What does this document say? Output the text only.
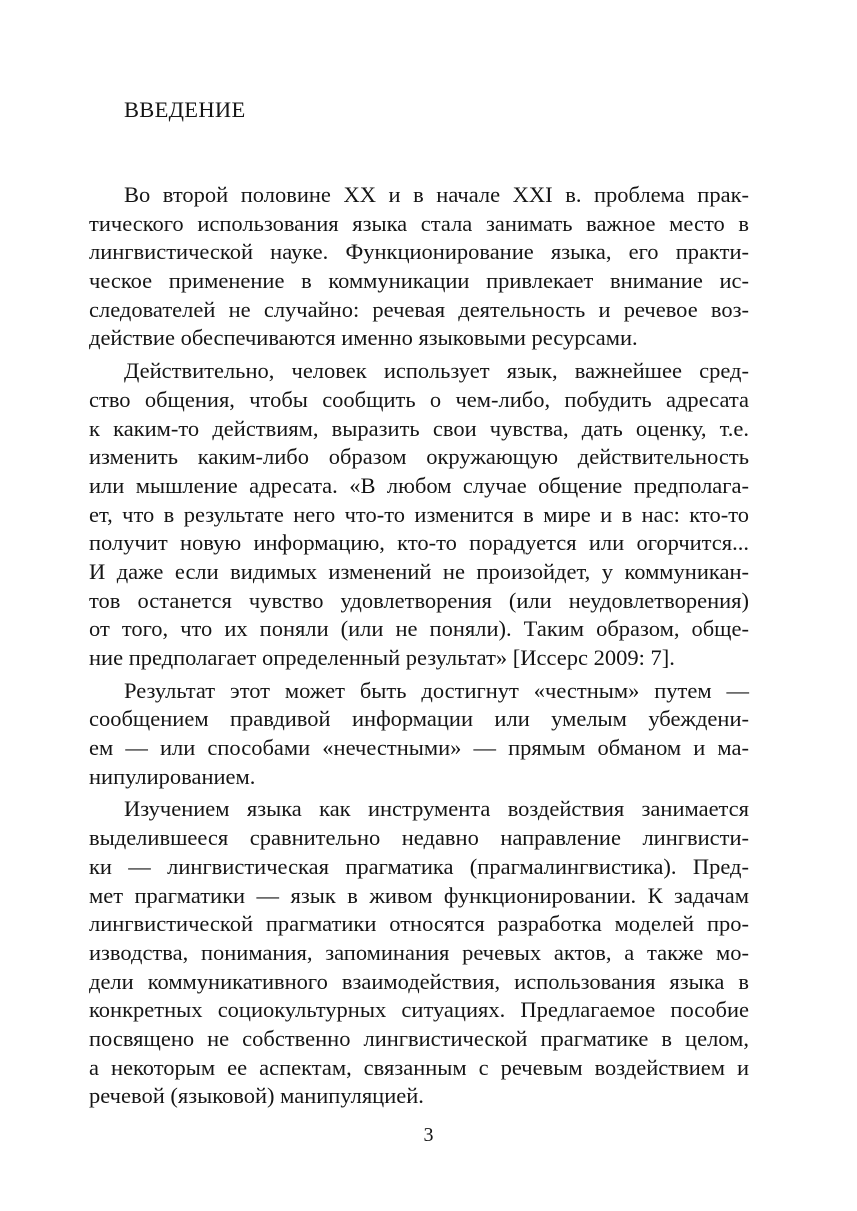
ВВЕДЕНИЕ
Во второй половине XX и в начале XXI в. проблема прак-
тического использования языка стала занимать важное место в
лингвистической науке. Функционирование языка, его практи-
ческое применение в коммуникации привлекает внимание ис-
следователей не случайно: речевая деятельность и речевое воз-
действие обеспечиваются именно языковыми ресурсами.
Действительно, человек использует язык, важнейшее сред-
ство общения, чтобы сообщить о чем-либо, побудить адресата
к каким-то действиям, выразить свои чувства, дать оценку, т.е.
изменить каким-либо образом окружающую действительность
или мышление адресата. «В любом случае общение предполага-
ет, что в результате него что-то изменится в мире и в нас: кто-то
получит новую информацию, кто-то порадуется или огорчится...
И даже если видимых изменений не произойдет, у коммуникан-
тов останется чувство удовлетворения (или неудовлетворения)
от того, что их поняли (или не поняли). Таким образом, обще-
ние предполагает определенный результат» [Иссерс 2009: 7].
Результат этот может быть достигнут «честным» путем —
сообщением правдивой информации или умелым убеждени-
ем — или способами «нечестными» — прямым обманом и ма-
нипулированием.
Изучением языка как инструмента воздействия занимается
выделившееся сравнительно недавно направление лингвисти-
ки — лингвистическая прагматика (прагмалингвистика). Пред-
мет прагматики — язык в живом функционировании. К задачам
лингвистической прагматики относятся разработка моделей про-
изводства, понимания, запоминания речевых актов, а также мо-
дели коммуникативного взаимодействия, использования языка в
конкретных социокультурных ситуациях. Предлагаемое пособие
посвящено не собственно лингвистической прагматике в целом,
а некоторым ее аспектам, связанным с речевым воздействием и
речевой (языковой) манипуляцией.
3
